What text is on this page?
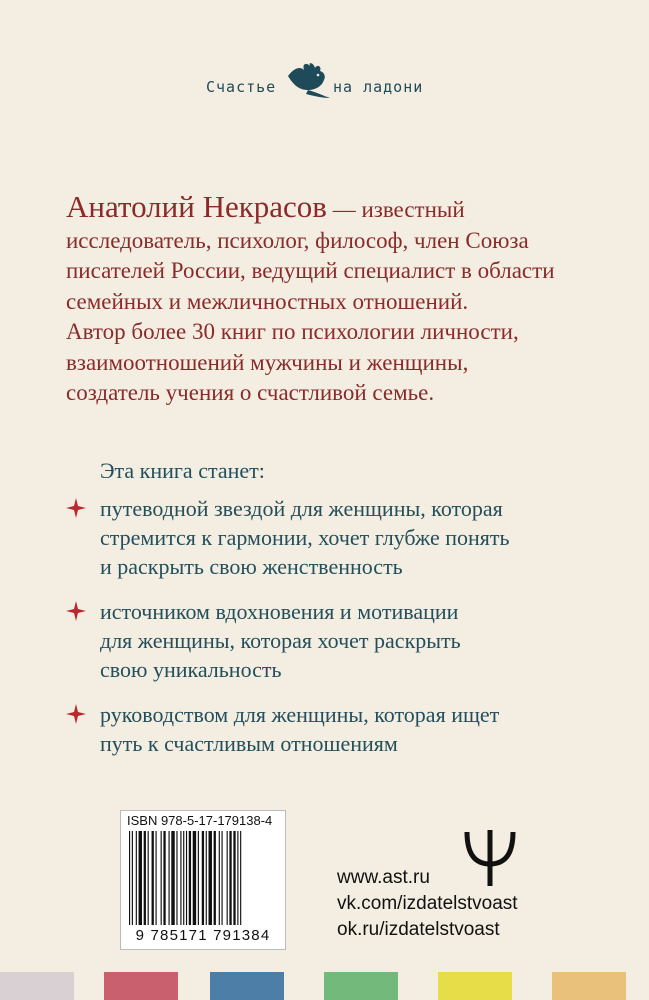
Счастье	на ладони
Анатолий Некрасов — известный
исследователь, психолог, философ, член Союза
писателей России, ведущий специалист в области
семейных и межличностных отношений.
Автор более 30 книг по психологии личности,
взаимоотношений мужчины и женщины,
создатель учения о счастливой семье.
Эта книга станет:
путеводной звездой для женщины, которая
стремится к гармонии, хочет глубже понять
и раскрыть свою женственность
источником вдохновения и мотивации
для женщины, которая хочет раскрыть
свою уникальность
руководством для женщины, которая ищет
путь к счастливым отношениям
ISBN 978-5-17-179138-4
9 785171 791384
www.ast.ru
vk.com/izdatelstvoast
ok.ru/izdatelstvoast
